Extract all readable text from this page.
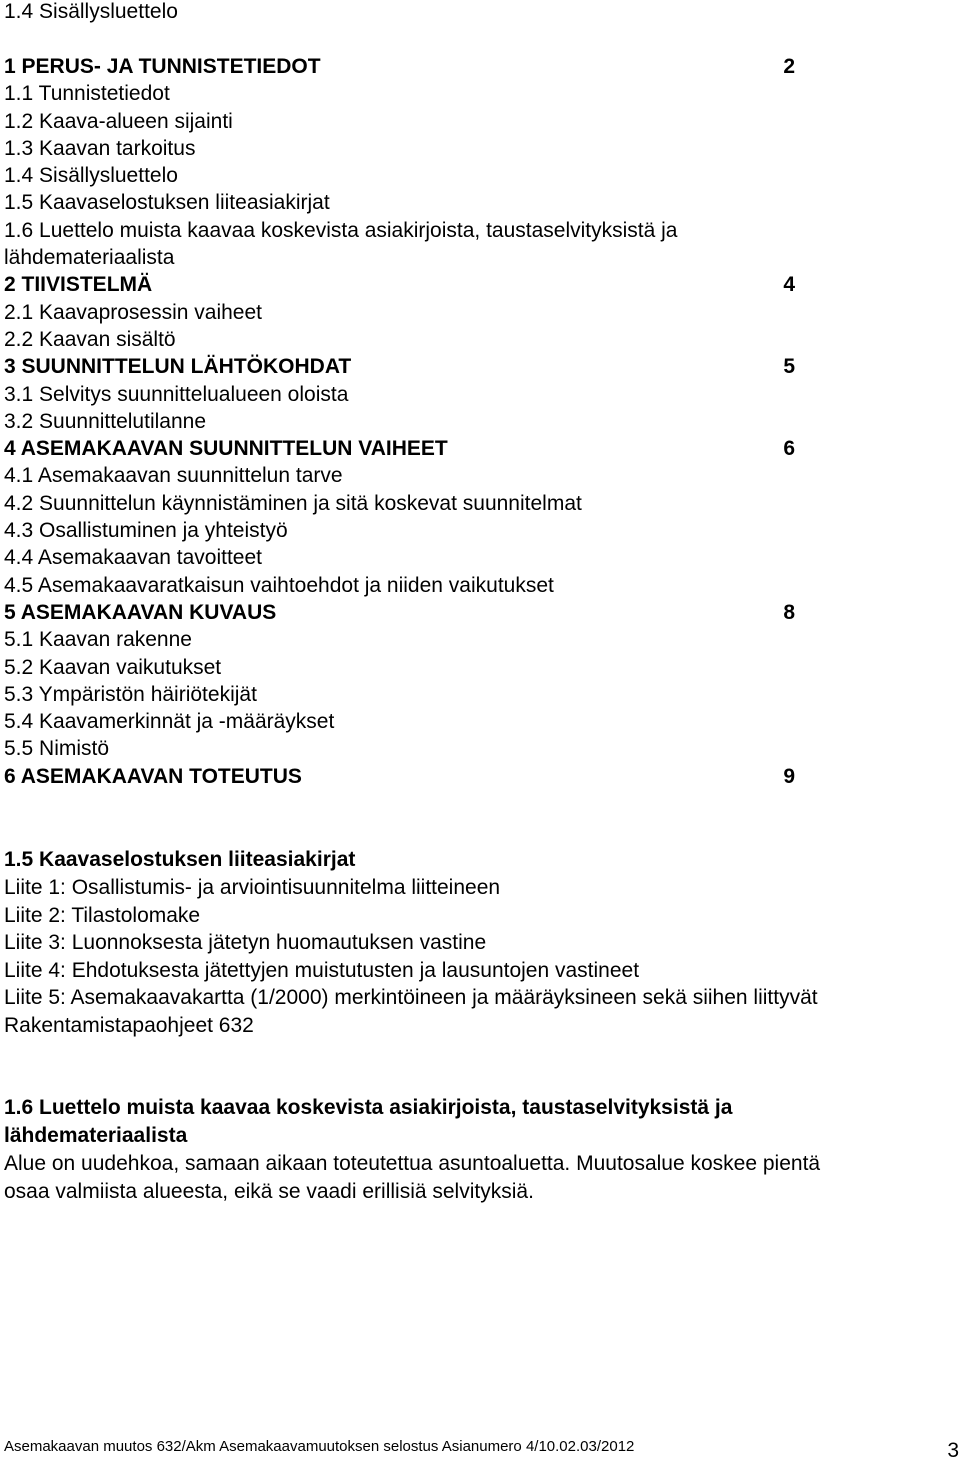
1.4 Sisällysluettelo
1 PERUS- JA TUNNISTETIEDOT	2
1.1 Tunnistetiedot
1.2 Kaava-alueen sijainti
1.3 Kaavan tarkoitus
1.4 Sisällysluettelo
1.5 Kaavaselostuksen liiteasiakirjat
1.6 Luettelo muista kaavaa koskevista asiakirjoista, taustaselvityksistä ja
lähdemateriaalista
2 TIIVISTELMÄ	4
2.1 Kaavaprosessin vaiheet
2.2 Kaavan sisältö
3 SUUNNITTELUN LÄHTÖKOHDAT	5
3.1 Selvitys suunnittelualueen oloista
3.2 Suunnittelutilanne
4 ASEMAKAAVAN SUUNNITTELUN VAIHEET	6
4.1 Asemakaavan suunnittelun tarve
4.2 Suunnittelun käynnistäminen ja sitä koskevat suunnitelmat
4.3 Osallistuminen ja yhteistyö
4.4 Asemakaavan tavoitteet
4.5 Asemakaavaratkaisun vaihtoehdot ja niiden vaikutukset
5 ASEMAKAAVAN KUVAUS	8
5.1 Kaavan rakenne
5.2 Kaavan vaikutukset
5.3 Ympäristön häiriötekijät
5.4 Kaavamerkinnät ja -määräykset
5.5 Nimistö
6 ASEMAKAAVAN TOTEUTUS	9
1.5 Kaavaselostuksen liiteasiakirjat
Liite 1: Osallistumis- ja arviointisuunnitelma liitteineen
Liite 2: Tilastolomake
Liite 3: Luonnoksesta jätetyn huomautuksen vastine
Liite 4: Ehdotuksesta jätettyjen muistutusten ja lausuntojen vastineet
Liite 5: Asemakaavakartta (1/2000) merkintöineen ja määräyksineen sekä siihen liittyvät
Rakentamistapaohjeet 632
1.6 Luettelo muista kaavaa koskevista asiakirjoista, taustaselvityksistä ja
lähdemateriaalista
Alue on uudehkoa, samaan aikaan toteutettua asuntoaluetta. Muutosalue koskee pientä
osaa valmiista alueesta, eikä se vaadi erillisiä selvityksiä.
Asemakaavan muutos 632/Akm Asemakaavamuutoksen selostus Asianumero 4/10.02.03/2012	3
